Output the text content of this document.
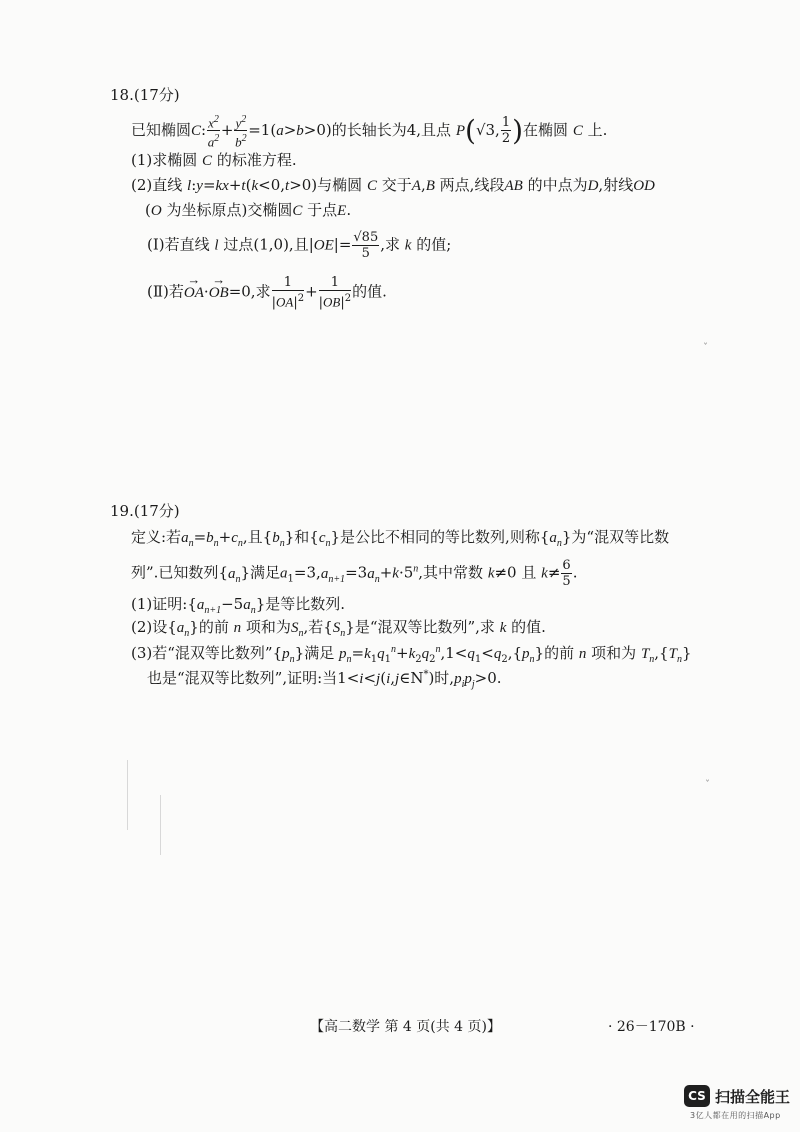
18.(17分)
已知椭圆C: $\frac{x^2}{a^2} + \frac{y^2}{b^2} =1(a>b>0)$的长轴长为4,且点 P(√3, $\frac{1}{2}$ )在椭圆 C 上.
(1)求椭圆 C 的标准方程.
(2)直线 l:y=kx+t(k<0,t>0)与椭圆 C 交于A,B 两点,线段AB 的中点为D,射线OD
(O 为坐标原点)交椭圆C 于点E.
(Ⅰ)若直线 l 过点(1,0),且$|OE|= \frac{√85}{5}$ ,求 k 的值;
(Ⅱ)若→ OA·→ OB=0,求 $\frac{1}{|OA|^2} + \frac{1}{|OB|^2}$ 的值.
19.(17分)
定义:若$a_n=b_n+c_n$,且$\{b_n\}$和$\{c_n\}$是公比不相同的等比数列,则称$\{a_n\}$为“混双等比数
列”.已知数列$\{a_n\}$满足$a_1=3,a_{n+1}=3a_n+k\cdot 5^n$,其中常数 k≠0 且 $k\ne \frac{6}{5}$ .
(1)证明$:\{a_{n+1}-5a_n\}$是等比数列.
(2)设$\{a_n\}$的前 n 项和为$S_n$,若$\{S_n\}$是“混双等比数列”,求 k 的值.
(3)若“混双等比数列$”\{p_n\}$满足 $p_n=k_1q_1^n+k_2q_2^n,1<q_1<q_2,\{p_n\}$的前 n 项和为 $T_n,\{T_n\}$
也是“混双等比数列”,证明:当1<i<j(i,j∈N*)时$,p_ip_j>0$.
ˇ
ˇ
【高二数学 第 4 页(共 4 页)】	· 26－170B ·
CS 扫描全能王
3亿人都在用的扫描App
